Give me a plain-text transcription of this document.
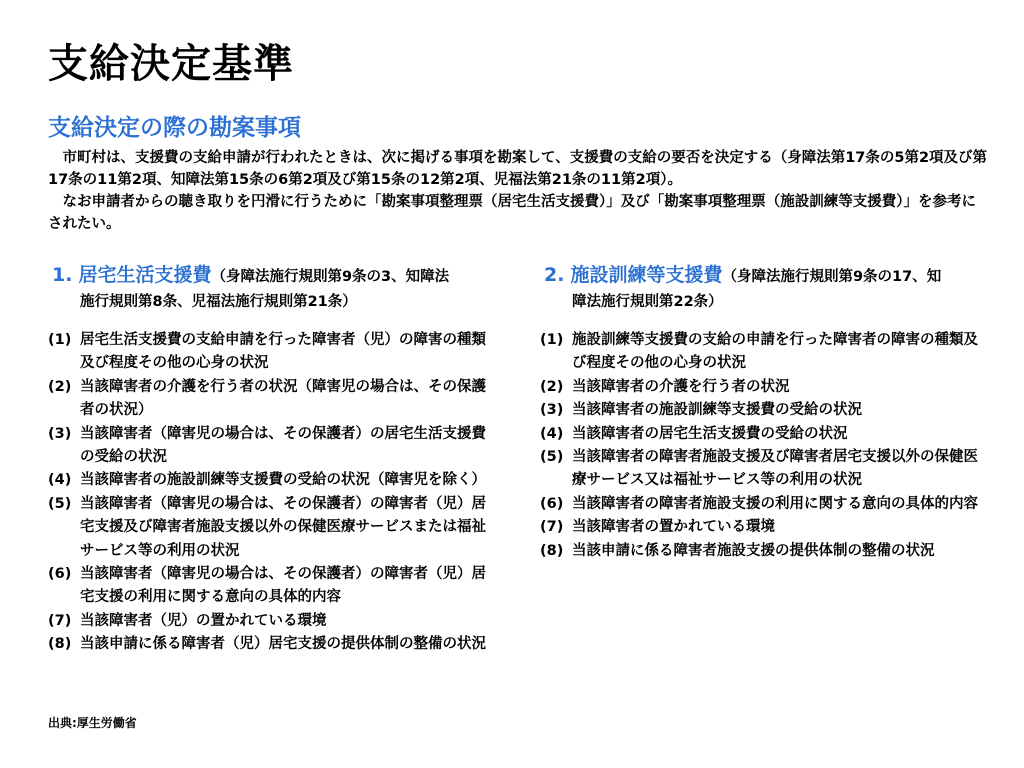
支給決定基準
支給決定の際の勘案事項

市町村は、支援費の支給申請が行われたときは、次に掲げる事項を勘案して、支援費の支給の要否を決定する（身障法第17条の5第2項及び第17条の11第2項、知障法第15条の6第2項及び第15条の12第2項、児福法第21条の11第2項）。

なお申請者からの聴き取りを円滑に行うために「勘案事項整理票（居宅生活支援費）」及び「勘案事項整理票（施設訓練等支援費）」を参考にされたい。

1. 居宅生活支援費（身障法施行規則第9条の3、知障法
施行規則第8条、児福法施行規則第21条）
(1) 居宅生活支援費の支給申請を行った障害者（児）の障害の種類及び程度その他の心身の状況
(2) 当該障害者の介護を行う者の状況（障害児の場合は、その保護者の状況）
(3) 当該障害者（障害児の場合は、その保護者）の居宅生活支援費の受給の状況
(4) 当該障害者の施設訓練等支援費の受給の状況（障害児を除く）
(5) 当該障害者（障害児の場合は、その保護者）の障害者（児）居宅支援及び障害者施設支援以外の保健医療サービスまたは福祉サービス等の利用の状況
(6) 当該障害者（障害児の場合は、その保護者）の障害者（児）居宅支援の利用に関する意向の具体的内容
(7) 当該障害者（児）の置かれている環境
(8) 当該申請に係る障害者（児）居宅支援の提供体制の整備の状況
2. 施設訓練等支援費（身障法施行規則第9条の17、知
障法施行規則第22条）
(1) 施設訓練等支援費の支給の申請を行った障害者の障害の種類及び程度その他の心身の状況
(2) 当該障害者の介護を行う者の状況
(3) 当該障害者の施設訓練等支援費の受給の状況
(4) 当該障害者の居宅生活支援費の受給の状況
(5) 当該障害者の障害者施設支援及び障害者居宅支援以外の保健医療サービス又は福祉サービス等の利用の状況
(6) 当該障害者の障害者施設支援の利用に関する意向の具体的内容
(7) 当該障害者の置かれている環境
(8) 当該申請に係る障害者施設支援の提供体制の整備の状況
出典:厚生労働省
